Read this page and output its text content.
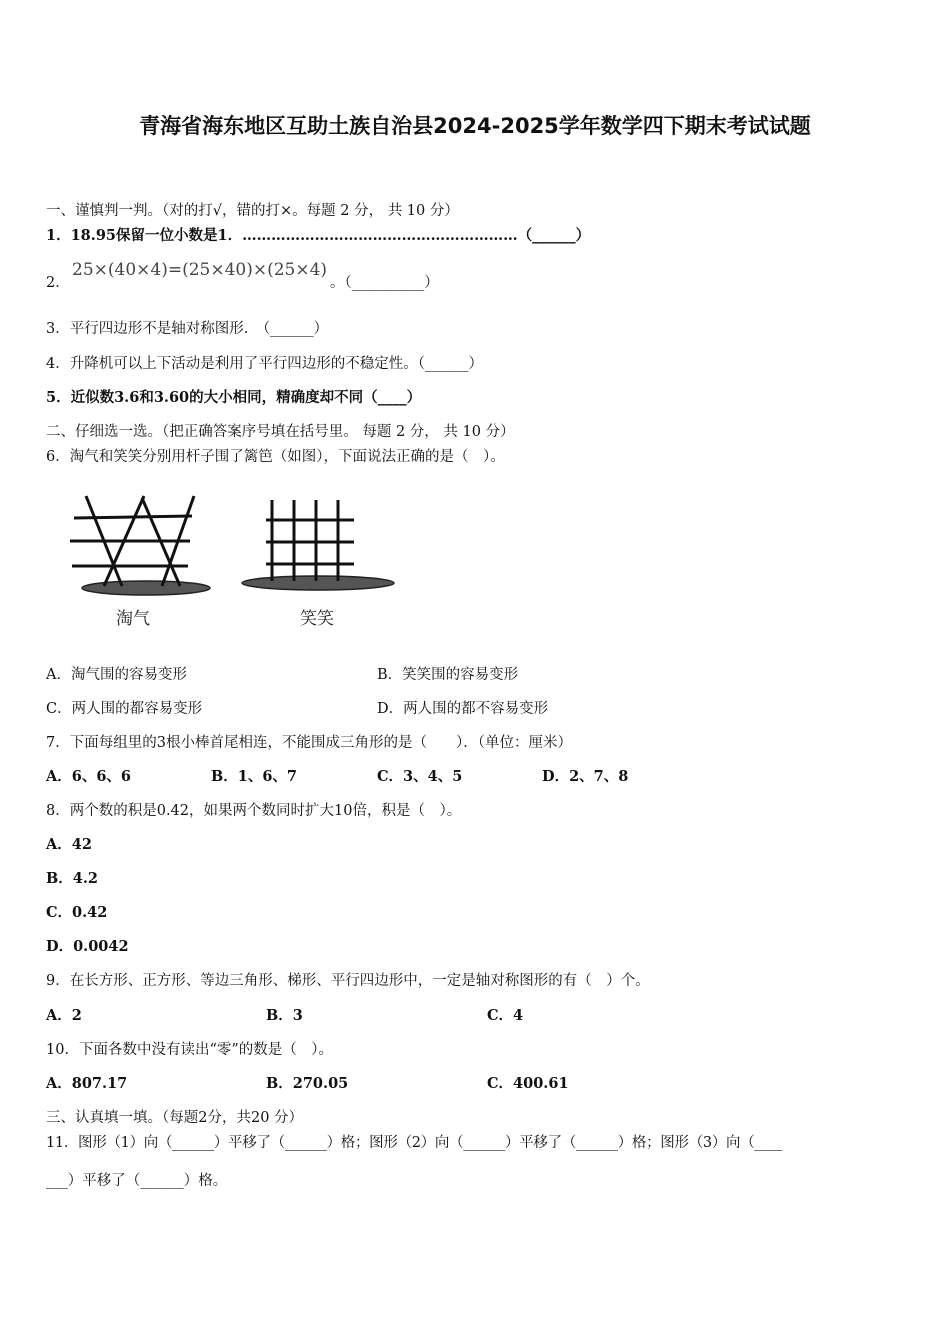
青海省海东地区互助土族自治县2024-2025学年数学四下期末考试试题
一、谨慎判一判。（对的打√，错的打×。每题 2 分， 共 10 分）
1．18.95保留一位小数是1．…………………………………………………（______）
2．
25×(40×4)=(25×40)×(25×4)
。（__________）
3．平行四边形不是轴对称图形.　（______）
4．升降机可以上下活动是利用了平行四边形的不稳定性。（______）
5．近似数3.6和3.60的大小相同，精确度却不同（____）
二、仔细选一选。（把正确答案序号填在括号里。 每题 2 分， 共 10 分）
6．淘气和笑笑分别用杆子围了篱笆（如图），下面说法正确的是（　）。
淘气	笑笑
A．淘气围的容易变形	B．笑笑围的容易变形
C．两人围的都容易变形	D．两人围的都不容易变形
7．下面每组里的3根小棒首尾相连，不能围成三角形的是（　　）．（单位：厘米）
A．6、6、6	B．1、6、7	C．3、4、5	D．2、7、8
8．两个数的积是0.42，如果两个数同时扩大10倍，积是（　）。
A．42
B．4.2
C．0.42
D．0.0042
9．在长方形、正方形、等边三角形、梯形、平行四边形中，一定是轴对称图形的有（　）个。
A．2	B．3	C．4
10．下面各数中没有读出“零”的数是（　）。
A．807.17	B．270.05	C．400.61
三、认真填一填。（每题2分，共20 分）
11．图形（1）向（______）平移了（______）格；图形（2）向（______）平移了（______）格；图形（3）向（____
___）平移了（______）格。
